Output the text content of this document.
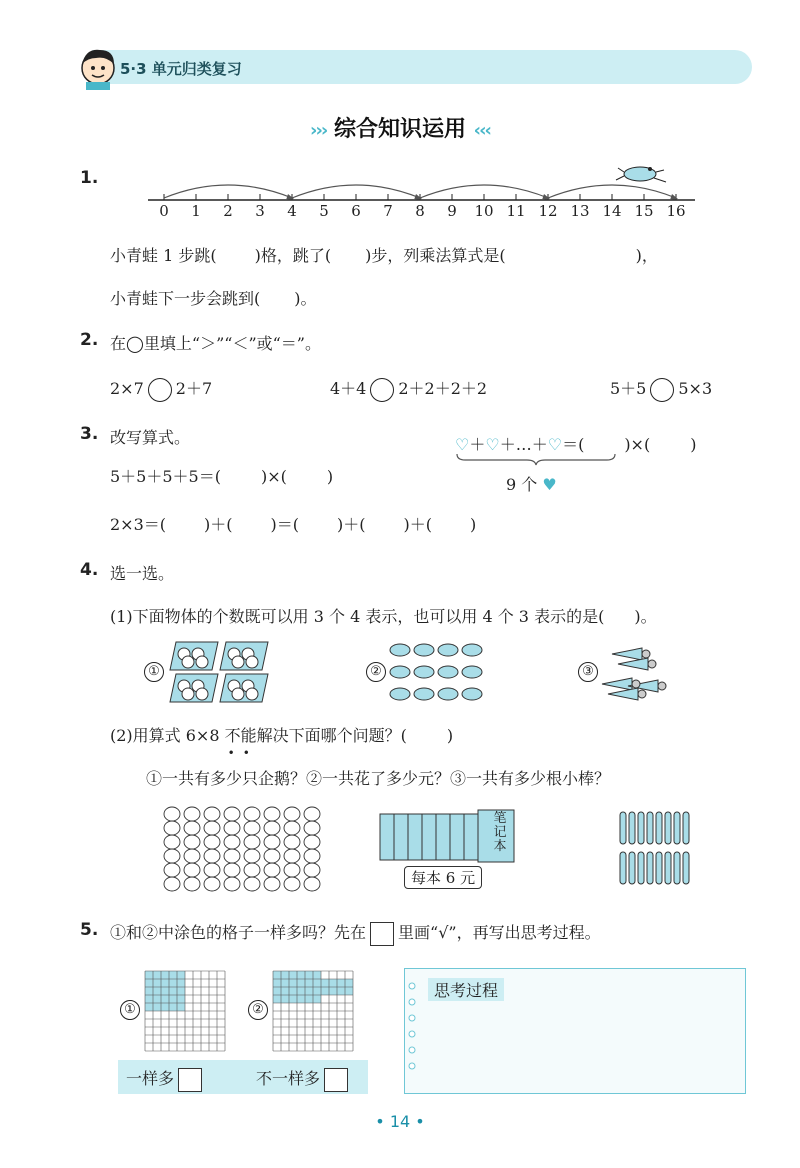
5·3 单元归类复习
››› 综合知识运用 ‹‹‹
1.
0	1	2	3	4	5	6	7	8	9	10 11 12 13 14 15 16
小青蛙 1 步跳( )格，跳了( )步，列乘法算式是(	)，
小青蛙下一步会跳到( )。
2. 在◯里填上“＞”“＜”或“＝”。
2×7 2＋7	4＋4 2＋2＋2＋2	5＋5 5×3
3. 改写算式。	♡＋♡＋…＋♡＝(	)×(	)
9 个 ♥
5＋5＋5＋5＝(	)×(	)
2×3＝( )＋( )＝( )＋( )＋( )
4. 选一选。
(1)下面物体的个数既可以用 3 个 4 表示，也可以用 4 个 3 表示的是( )。
①	②	③
(2)用算式 6×8 不能
••
解决下面哪个问题？(	)
①一共有多少只企鹅？②一共花了多少元？③一共有多少根小棒？
笔记本
每本 6 元
5. ①和②中涂色的格子一样多吗？先在 里画“√”，再写出思考过程。
①	②
一样多	不一样多
思考过程
• 14 •
